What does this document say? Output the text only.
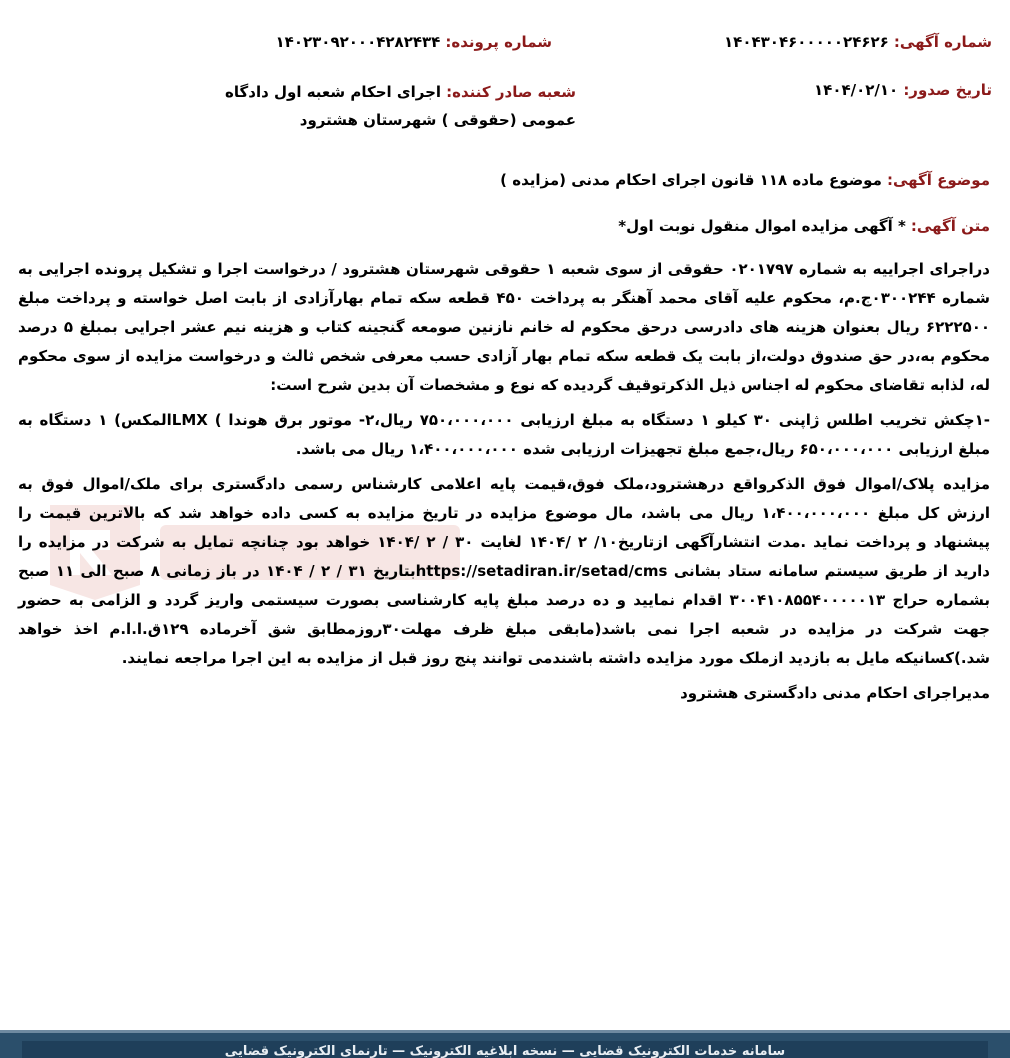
شماره آگهی: ۱۴۰۴۳۰۴۶۰۰۰۰۰۲۴۶۲۶
شماره پرونده: ۱۴۰۲۳۰۹۲۰۰۰۴۲۸۲۴۳۴
تاریخ صدور: ۱۴۰۴/۰۲/۱۰
شعبه صادر کننده: اجرای احکام شعبه اول دادگاه عمومی (حقوقی ) شهرستان هشترود
موضوع آگهی: موضوع ماده ۱۱۸ قانون اجرای احکام مدنی (مزایده )
متن آگهی: * آگهی مزایده اموال منقول نوبت اول*

دراجرای اجراییه به شماره ۰۲۰۱۷۹۷ حقوقی از سوی شعبه ۱ حقوقی شهرستان هشترود / درخواست اجرا و تشکیل پرونده اجرایی به شماره ۰۳۰۰۲۴۴ج.م، محکوم علیه آقای محمد آهنگر به پرداخت ۴۵۰ قطعه سکه تمام بهارآزادی از بابت اصل خواسته و پرداخت مبلغ ۶۲۲۲۵۰۰ ریال بعنوان هزینه های دادرسی درحق محکوم له خانم نازنین صومعه گنجینه کتاب و هزینه نیم عشر اجرایی بمبلغ ۵ درصد محکوم به،در حق صندوق دولت،از بابت یک قطعه سکه تمام بهار آزادی حسب معرفی شخص ثالث و درخواست مزایده از سوی محکوم له، لذابه تقاضای محکوم له اجناس ذیل الذکرتوقیف گردیده که نوع و مشخصات آن بدین شرح است:

-۱چکش تخریب اطلس ژاپنی ۳۰ کیلو ۱ دستگاه به مبلغ ارزیابی ۷۵۰،۰۰۰،۰۰۰ ریال،۲- موتور برق هوندا ) LMXالمکس) ۱ دستگاه به مبلغ ارزیابی ۶۵۰،۰۰۰،۰۰۰ ریال،جمع مبلغ تجهیزات ارزیابی شده ۱،۴۰۰،۰۰۰،۰۰۰ ریال می باشد.

مزایده پلاک/اموال فوق الذکرواقع درهشترود،ملک فوق،قیمت پایه اعلامی کارشناس رسمی دادگستری برای ملک/اموال فوق به ارزش کل مبلغ ۱،۴۰۰،۰۰۰،۰۰۰ ریال می باشد، مال موضوع مزایده در تاریخ مزایده به کسی داده خواهد شد که بالاترین قیمت را پیشنهاد و پرداخت نماید .مدت انتشارآگهی ازتاریخ۱۰/ ۲ /۱۴۰۴ لغایت ۳۰ / ۲ /۱۴۰۴ خواهد بود چنانچه تمایل به شرکت در مزایده را دارید از طریق سیستم سامانه ستاد بشانی https://setadiran.ir/setad/cmsبتاریخ ۳۱ / ۲ / ۱۴۰۴ در باز زمانی ۸ صبح الی ۱۱ صبح بشماره حراج ۳۰۰۴۱۰۸۵۵۴۰۰۰۰۰۱۳ اقدام نمایید و ده درصد مبلغ پایه کارشناسی بصورت سیستمی واریز گردد و الزامی به حضور جهت شرکت در مزایده در شعبه اجرا نمی باشد(مابقی مبلغ ظرف مهلت۳۰روزمطابق شق آخرماده ۱۲۹ق.ا.ا.م اخذ خواهد شد.)کسانیکه مایل به بازدید ازملک مورد مزایده داشته باشندمی توانند پنج روز قبل از مزایده به این اجرا مراجعه نمایند.

مدیراجرای احکام مدنی دادگستری هشترود

سامانه خدمات الکترونیک قضایی — نسخه ابلاغیه الکترونیک — تارنمای الکترونیک قضایی
